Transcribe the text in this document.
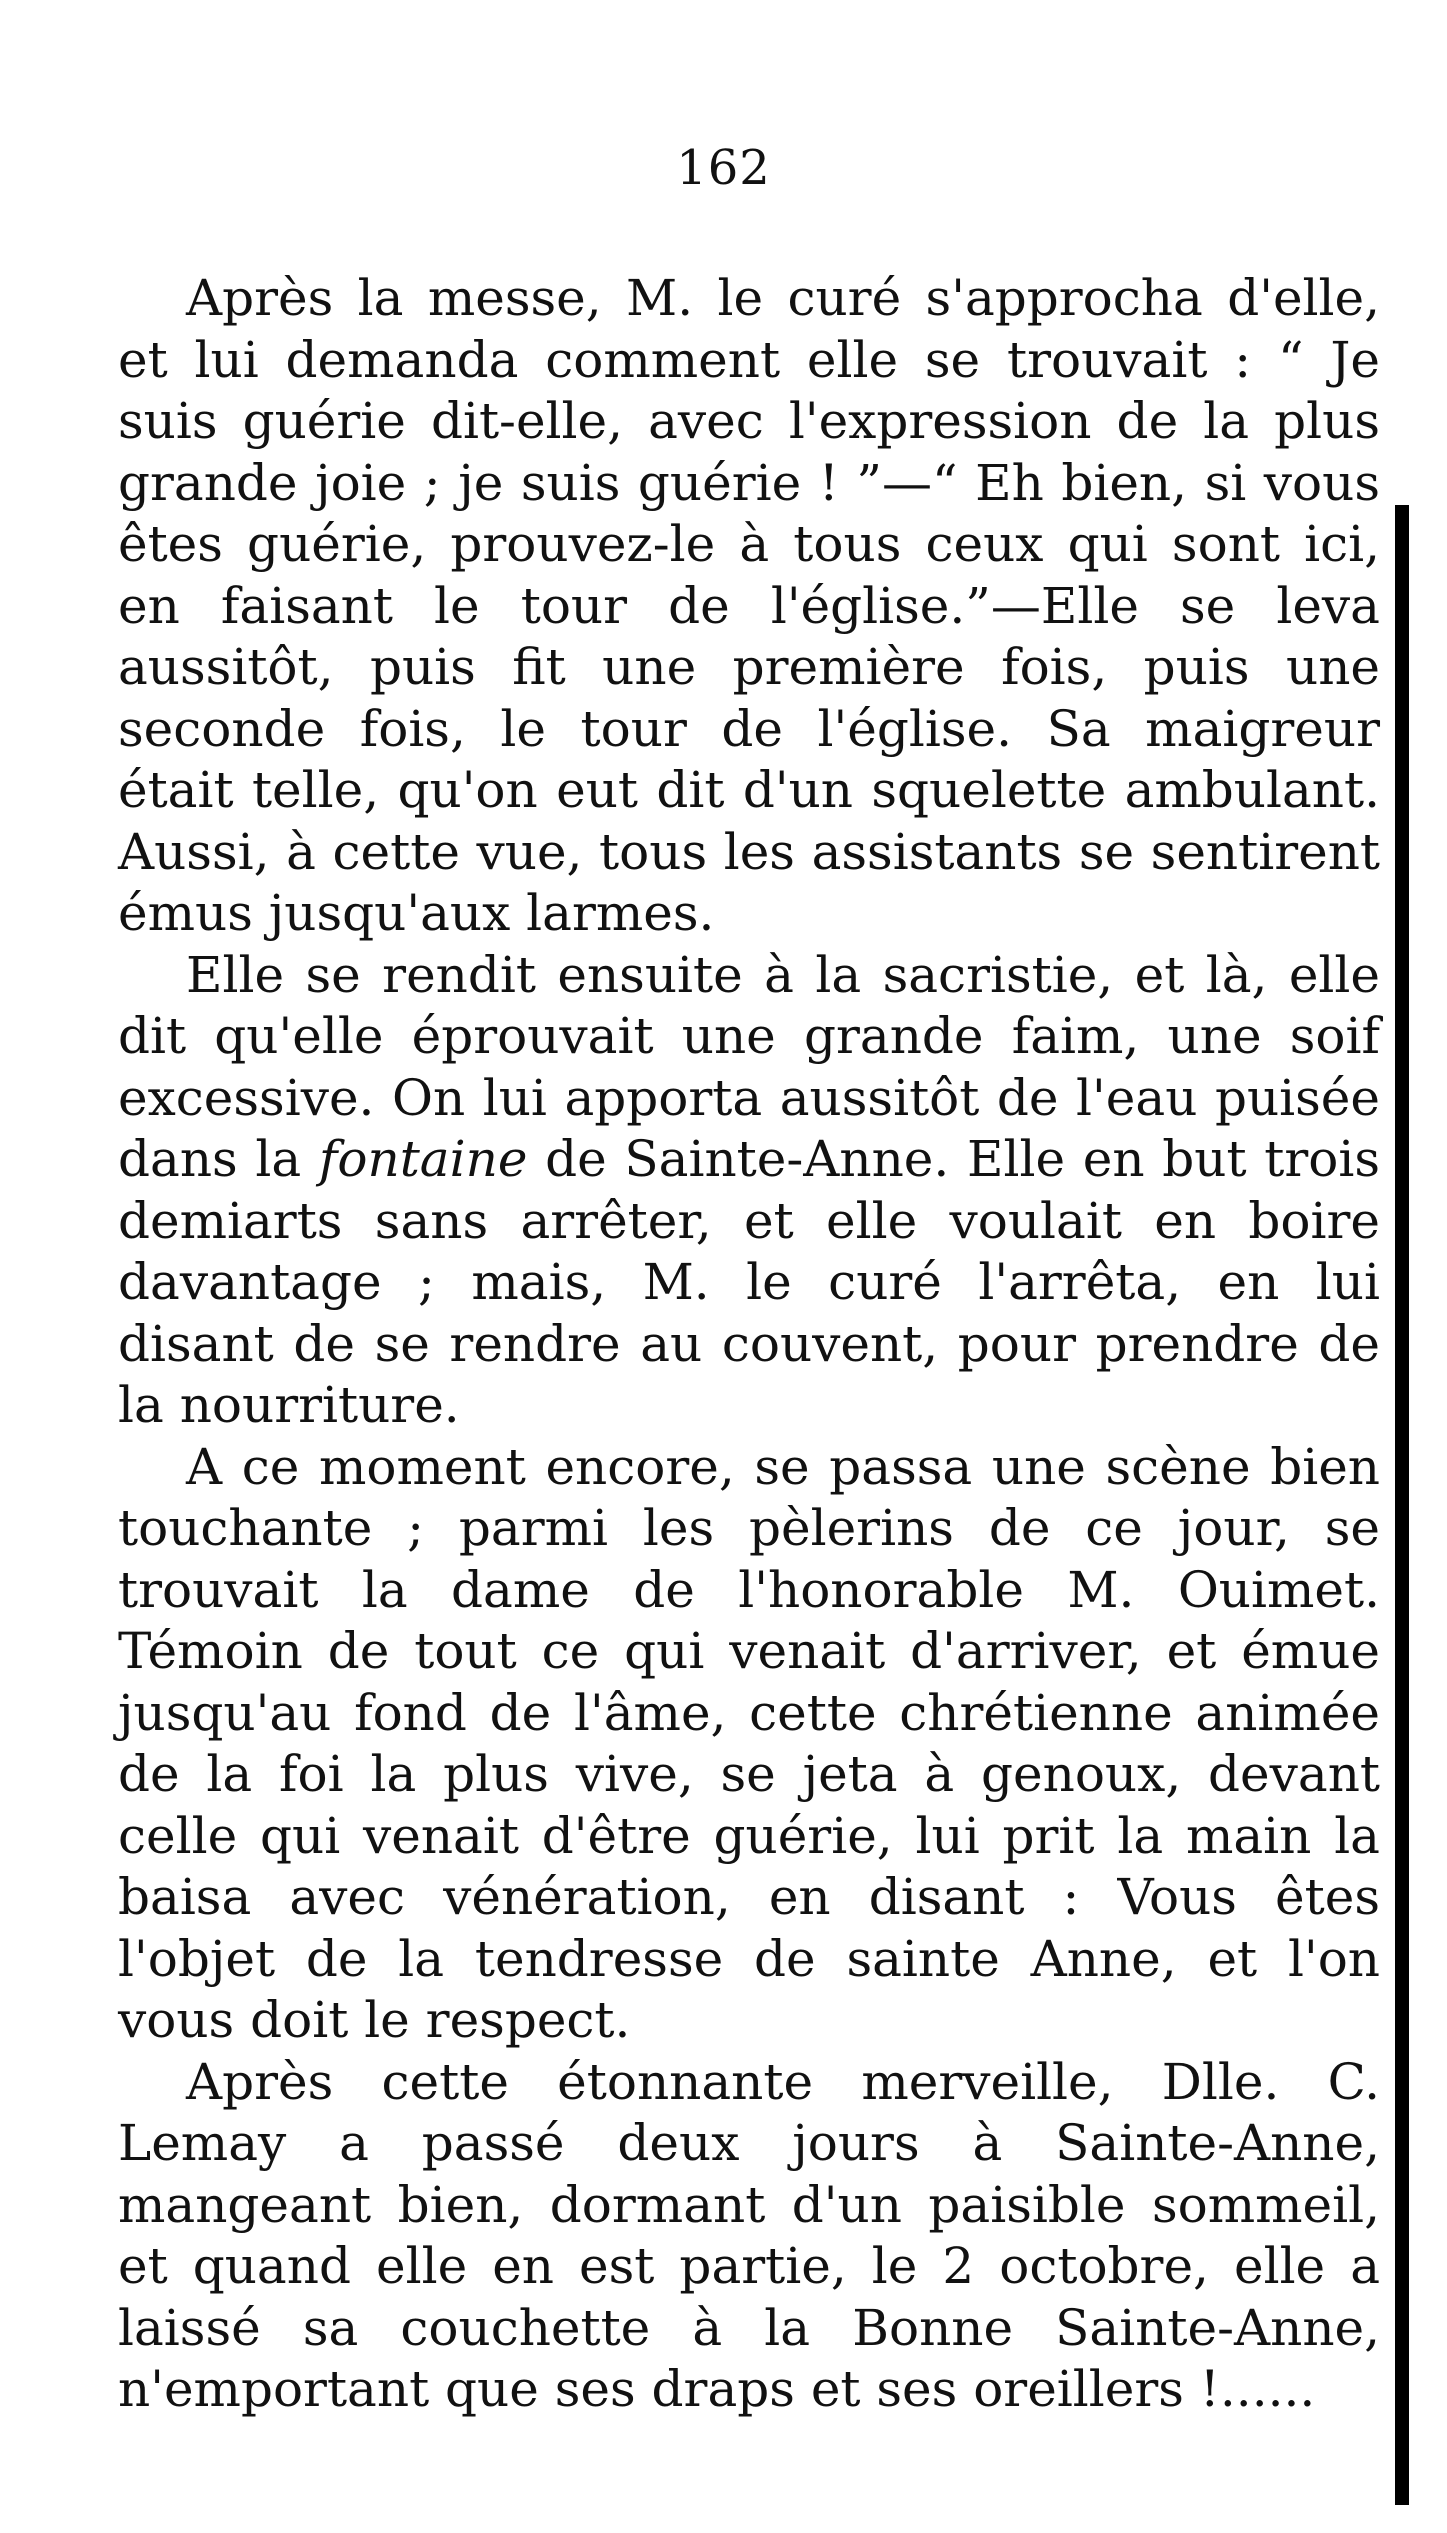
162

Après la messe, M. le curé s'approcha d'elle, et lui demanda comment elle se trouvait : “ Je suis guérie dit-elle, avec l'expression de la plus grande joie ; je suis guérie ! ”—“ Eh bien, si vous êtes guérie, prouvez-le à tous ceux qui sont ici, en faisant le tour de l'église.”—Elle se leva aussitôt, puis fit une première fois, puis une seconde fois, le tour de l'église. Sa maigreur était telle, qu'on eut dit d'un squelette ambulant. Aussi, à cette vue, tous les assistants se sentirent émus jusqu'aux larmes.

Elle se rendit ensuite à la sacristie, et là, elle dit qu'elle éprouvait une grande faim, une soif excessive. On lui apporta aussitôt de l'eau puisée dans la fontaine de Sainte-Anne. Elle en but trois demiarts sans arrêter, et elle voulait en boire davantage ; mais, M. le curé l'arrêta, en lui disant de se rendre au couvent, pour prendre de la nourriture.

A ce moment encore, se passa une scène bien touchante ; parmi les pèlerins de ce jour, se trouvait la dame de l'honorable M. Ouimet. Témoin de tout ce qui venait d'arriver, et émue jusqu'au fond de l'âme, cette chrétienne animée de la foi la plus vive, se jeta à genoux, devant celle qui venait d'être guérie, lui prit la main la baisa avec vénération, en disant : Vous êtes l'objet de la tendresse de sainte Anne, et l'on vous doit le respect.

Après cette étonnante merveille, Dlle. C. Lemay a passé deux jours à Sainte-Anne, mangeant bien, dormant d'un paisible sommeil, et quand elle en est partie, le 2 octobre, elle a laissé sa couchette à la Bonne Sainte-Anne, n'emportant que ses draps et ses oreillers !......
